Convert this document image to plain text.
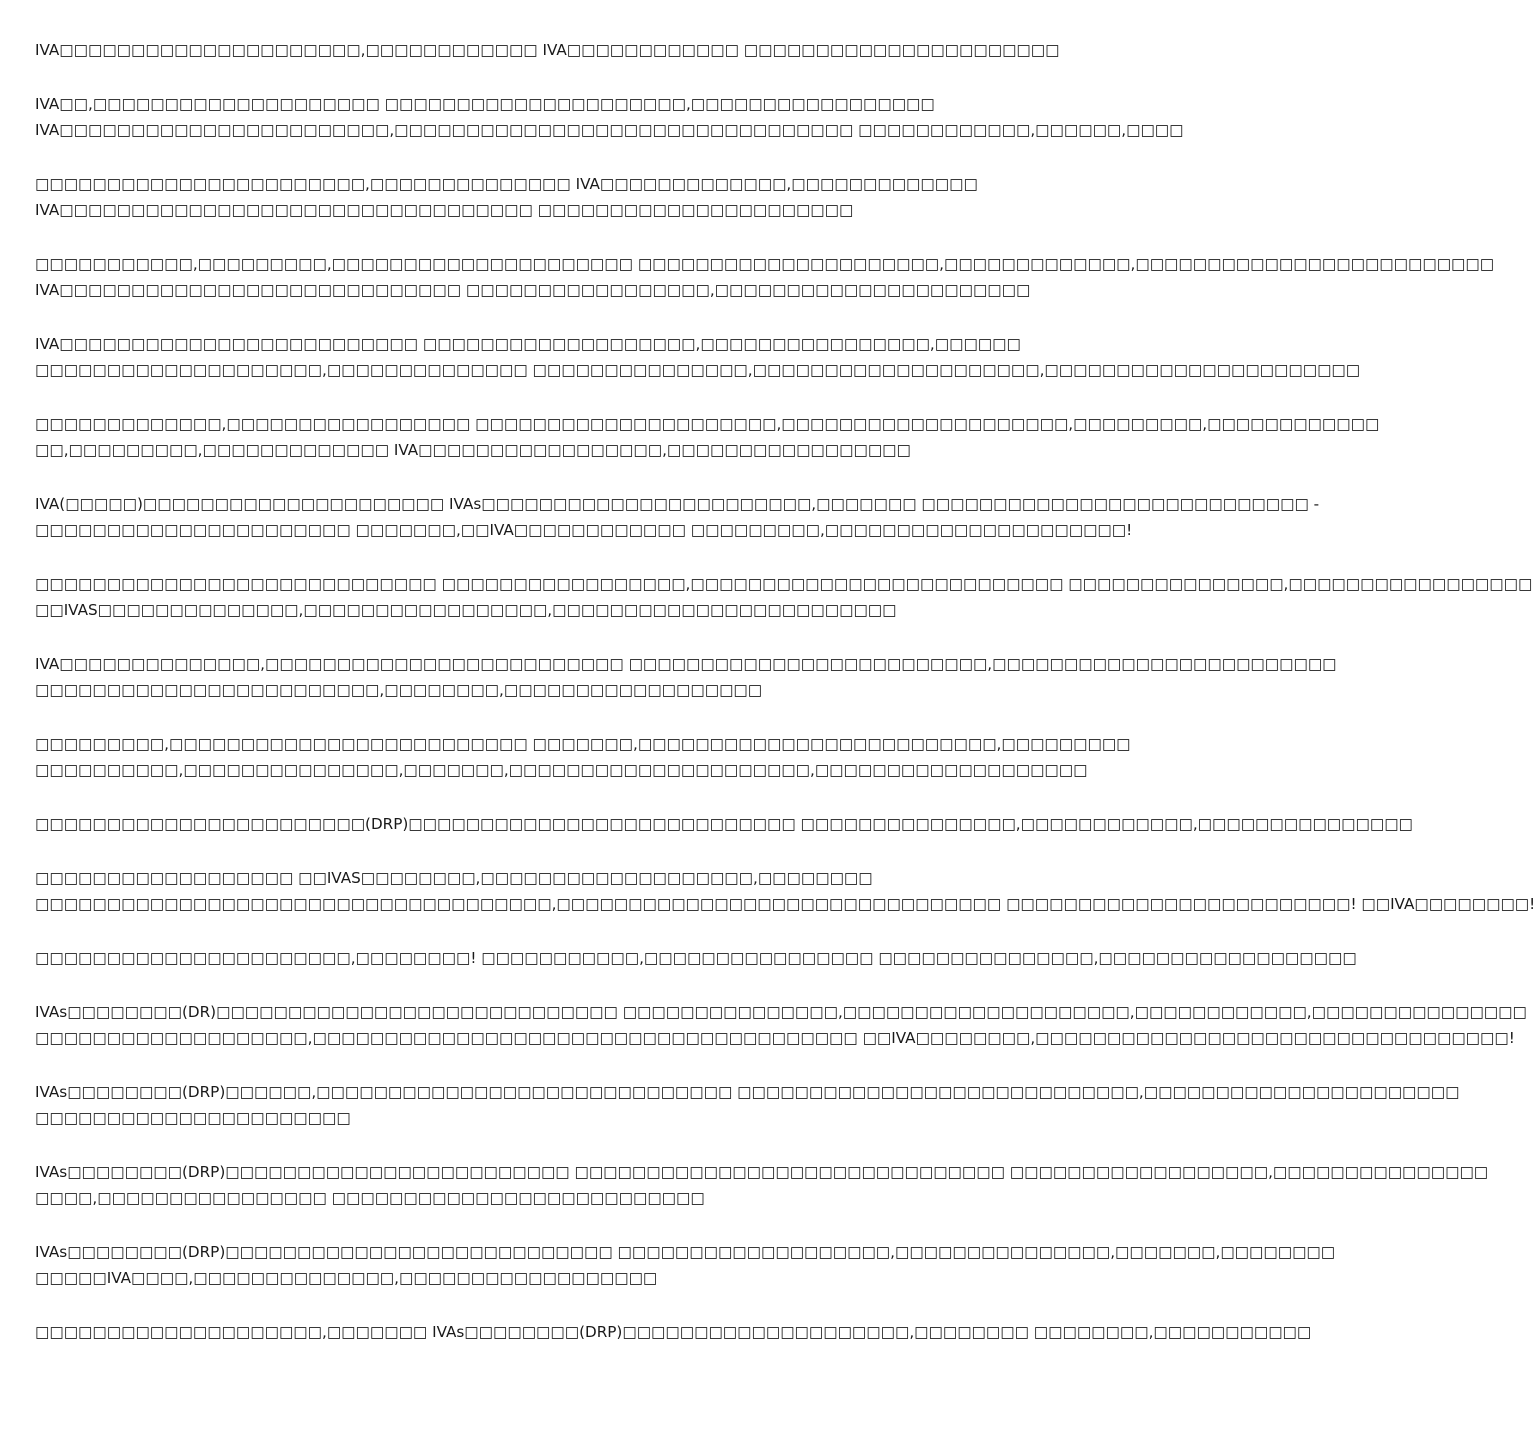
IVA□□□□□□□□□□□□□□□□□□□□□,□□□□□□□□□□□□ IVA□□□□□□□□□□□□ □□□□□□□□□□□□□□□□□□□□□□

IVA□□,□□□□□□□□□□□□□□□□□□□□ □□□□□□□□□□□□□□□□□□□□□,□□□□□□□□□□□□□□□□□
IVA□□□□□□□□□□□□□□□□□□□□□□□,□□□□□□□□□□□□□□□□□□□□□□□□□□□□□□□□ □□□□□□□□□□□□,□□□□□□,□□□□

□□□□□□□□□□□□□□□□□□□□□□□,□□□□□□□□□□□□□□ IVA□□□□□□□□□□□□□,□□□□□□□□□□□□□
IVA□□□□□□□□□□□□□□□□□□□□□□□□□□□□□□□□□ □□□□□□□□□□□□□□□□□□□□□□

□□□□□□□□□□□,□□□□□□□□□,□□□□□□□□□□□□□□□□□□□□□ □□□□□□□□□□□□□□□□□□□□□,□□□□□□□□□□□□□,□□□□□□□□□□□□□□□□□□□□□□□□□
IVA□□□□□□□□□□□□□□□□□□□□□□□□□□□□ □□□□□□□□□□□□□□□□□,□□□□□□□□□□□□□□□□□□□□□□

IVA□□□□□□□□□□□□□□□□□□□□□□□□□ □□□□□□□□□□□□□□□□□□□,□□□□□□□□□□□□□□□□,□□□□□□
□□□□□□□□□□□□□□□□□□□□,□□□□□□□□□□□□□□ □□□□□□□□□□□□□□□,□□□□□□□□□□□□□□□□□□□□,□□□□□□□□□□□□□□□□□□□□□□

□□□□□□□□□□□□□,□□□□□□□□□□□□□□□□□ □□□□□□□□□□□□□□□□□□□□□,□□□□□□□□□□□□□□□□□□□□,□□□□□□□□□,□□□□□□□□□□□□
□□,□□□□□□□□□,□□□□□□□□□□□□□ IVA□□□□□□□□□□□□□□□□□,□□□□□□□□□□□□□□□□□

IVA(□□□□□)□□□□□□□□□□□□□□□□□□□□□ IVAs□□□□□□□□□□□□□□□□□□□□□□□,□□□□□□□ □□□□□□□□□□□□□□□□□□□□□□□□□□□ -
□□□□□□□□□□□□□□□□□□□□□□ □□□□□□□,□□IVA□□□□□□□□□□□□ □□□□□□□□□,□□□□□□□□□□□□□□□□□□□□□!

□□□□□□□□□□□□□□□□□□□□□□□□□□□□ □□□□□□□□□□□□□□□□□,□□□□□□□□□□□□□□□□□□□□□□□□□□ □□□□□□□□□□□□□□□,□□□□□□□□□□□□□□□□□
□□IVAS□□□□□□□□□□□□□□,□□□□□□□□□□□□□□□□□,□□□□□□□□□□□□□□□□□□□□□□□□

IVA□□□□□□□□□□□□□□,□□□□□□□□□□□□□□□□□□□□□□□□□ □□□□□□□□□□□□□□□□□□□□□□□□□,□□□□□□□□□□□□□□□□□□□□□□□□
□□□□□□□□□□□□□□□□□□□□□□□□,□□□□□□□□,□□□□□□□□□□□□□□□□□□

□□□□□□□□□,□□□□□□□□□□□□□□□□□□□□□□□□□ □□□□□□□,□□□□□□□□□□□□□□□□□□□□□□□□□,□□□□□□□□□
□□□□□□□□□□,□□□□□□□□□□□□□□□,□□□□□□□,□□□□□□□□□□□□□□□□□□□□□,□□□□□□□□□□□□□□□□□□□

□□□□□□□□□□□□□□□□□□□□□□□(DRP)□□□□□□□□□□□□□□□□□□□□□□□□□□□ □□□□□□□□□□□□□□□,□□□□□□□□□□□□,□□□□□□□□□□□□□□□

□□□□□□□□□□□□□□□□□□ □□IVAS□□□□□□□□,□□□□□□□□□□□□□□□□□□□,□□□□□□□□
□□□□□□□□□□□□□□□□□□□□□□□□□□□□□□□□□□□□,□□□□□□□□□□□□□□□□□□□□□□□□□□□□□□□ □□□□□□□□□□□□□□□□□□□□□□□□! □□IVA□□□□□□□□!

□□□□□□□□□□□□□□□□□□□□□□,□□□□□□□□! □□□□□□□□□□□,□□□□□□□□□□□□□□□□ □□□□□□□□□□□□□□□,□□□□□□□□□□□□□□□□□□

IVAs□□□□□□□□(DR)□□□□□□□□□□□□□□□□□□□□□□□□□□□□ □□□□□□□□□□□□□□□,□□□□□□□□□□□□□□□□□□□□,□□□□□□□□□□□□,□□□□□□□□□□□□□□□
□□□□□□□□□□□□□□□□□□□,□□□□□□□□□□□□□□□□□□□□□□□□□□□□□□□□□□□□□□ □□IVA□□□□□□□□,□□□□□□□□□□□□□□□□□□□□□□□□□□□□□□□□□!

IVAs□□□□□□□□(DRP)□□□□□□,□□□□□□□□□□□□□□□□□□□□□□□□□□□□□ □□□□□□□□□□□□□□□□□□□□□□□□□□□□,□□□□□□□□□□□□□□□□□□□□□□
□□□□□□□□□□□□□□□□□□□□□□

IVAs□□□□□□□□(DRP)□□□□□□□□□□□□□□□□□□□□□□□□ □□□□□□□□□□□□□□□□□□□□□□□□□□□□□□ □□□□□□□□□□□□□□□□□□,□□□□□□□□□□□□□□□
□□□□,□□□□□□□□□□□□□□□□ □□□□□□□□□□□□□□□□□□□□□□□□□□

IVAs□□□□□□□□(DRP)□□□□□□□□□□□□□□□□□□□□□□□□□□□ □□□□□□□□□□□□□□□□□□□,□□□□□□□□□□□□□□□,□□□□□□□,□□□□□□□□
□□□□□IVA□□□□,□□□□□□□□□□□□□□,□□□□□□□□□□□□□□□□□□

□□□□□□□□□□□□□□□□□□□□,□□□□□□□ IVAs□□□□□□□□(DRP)□□□□□□□□□□□□□□□□□□□□,□□□□□□□□ □□□□□□□□,□□□□□□□□□□□
